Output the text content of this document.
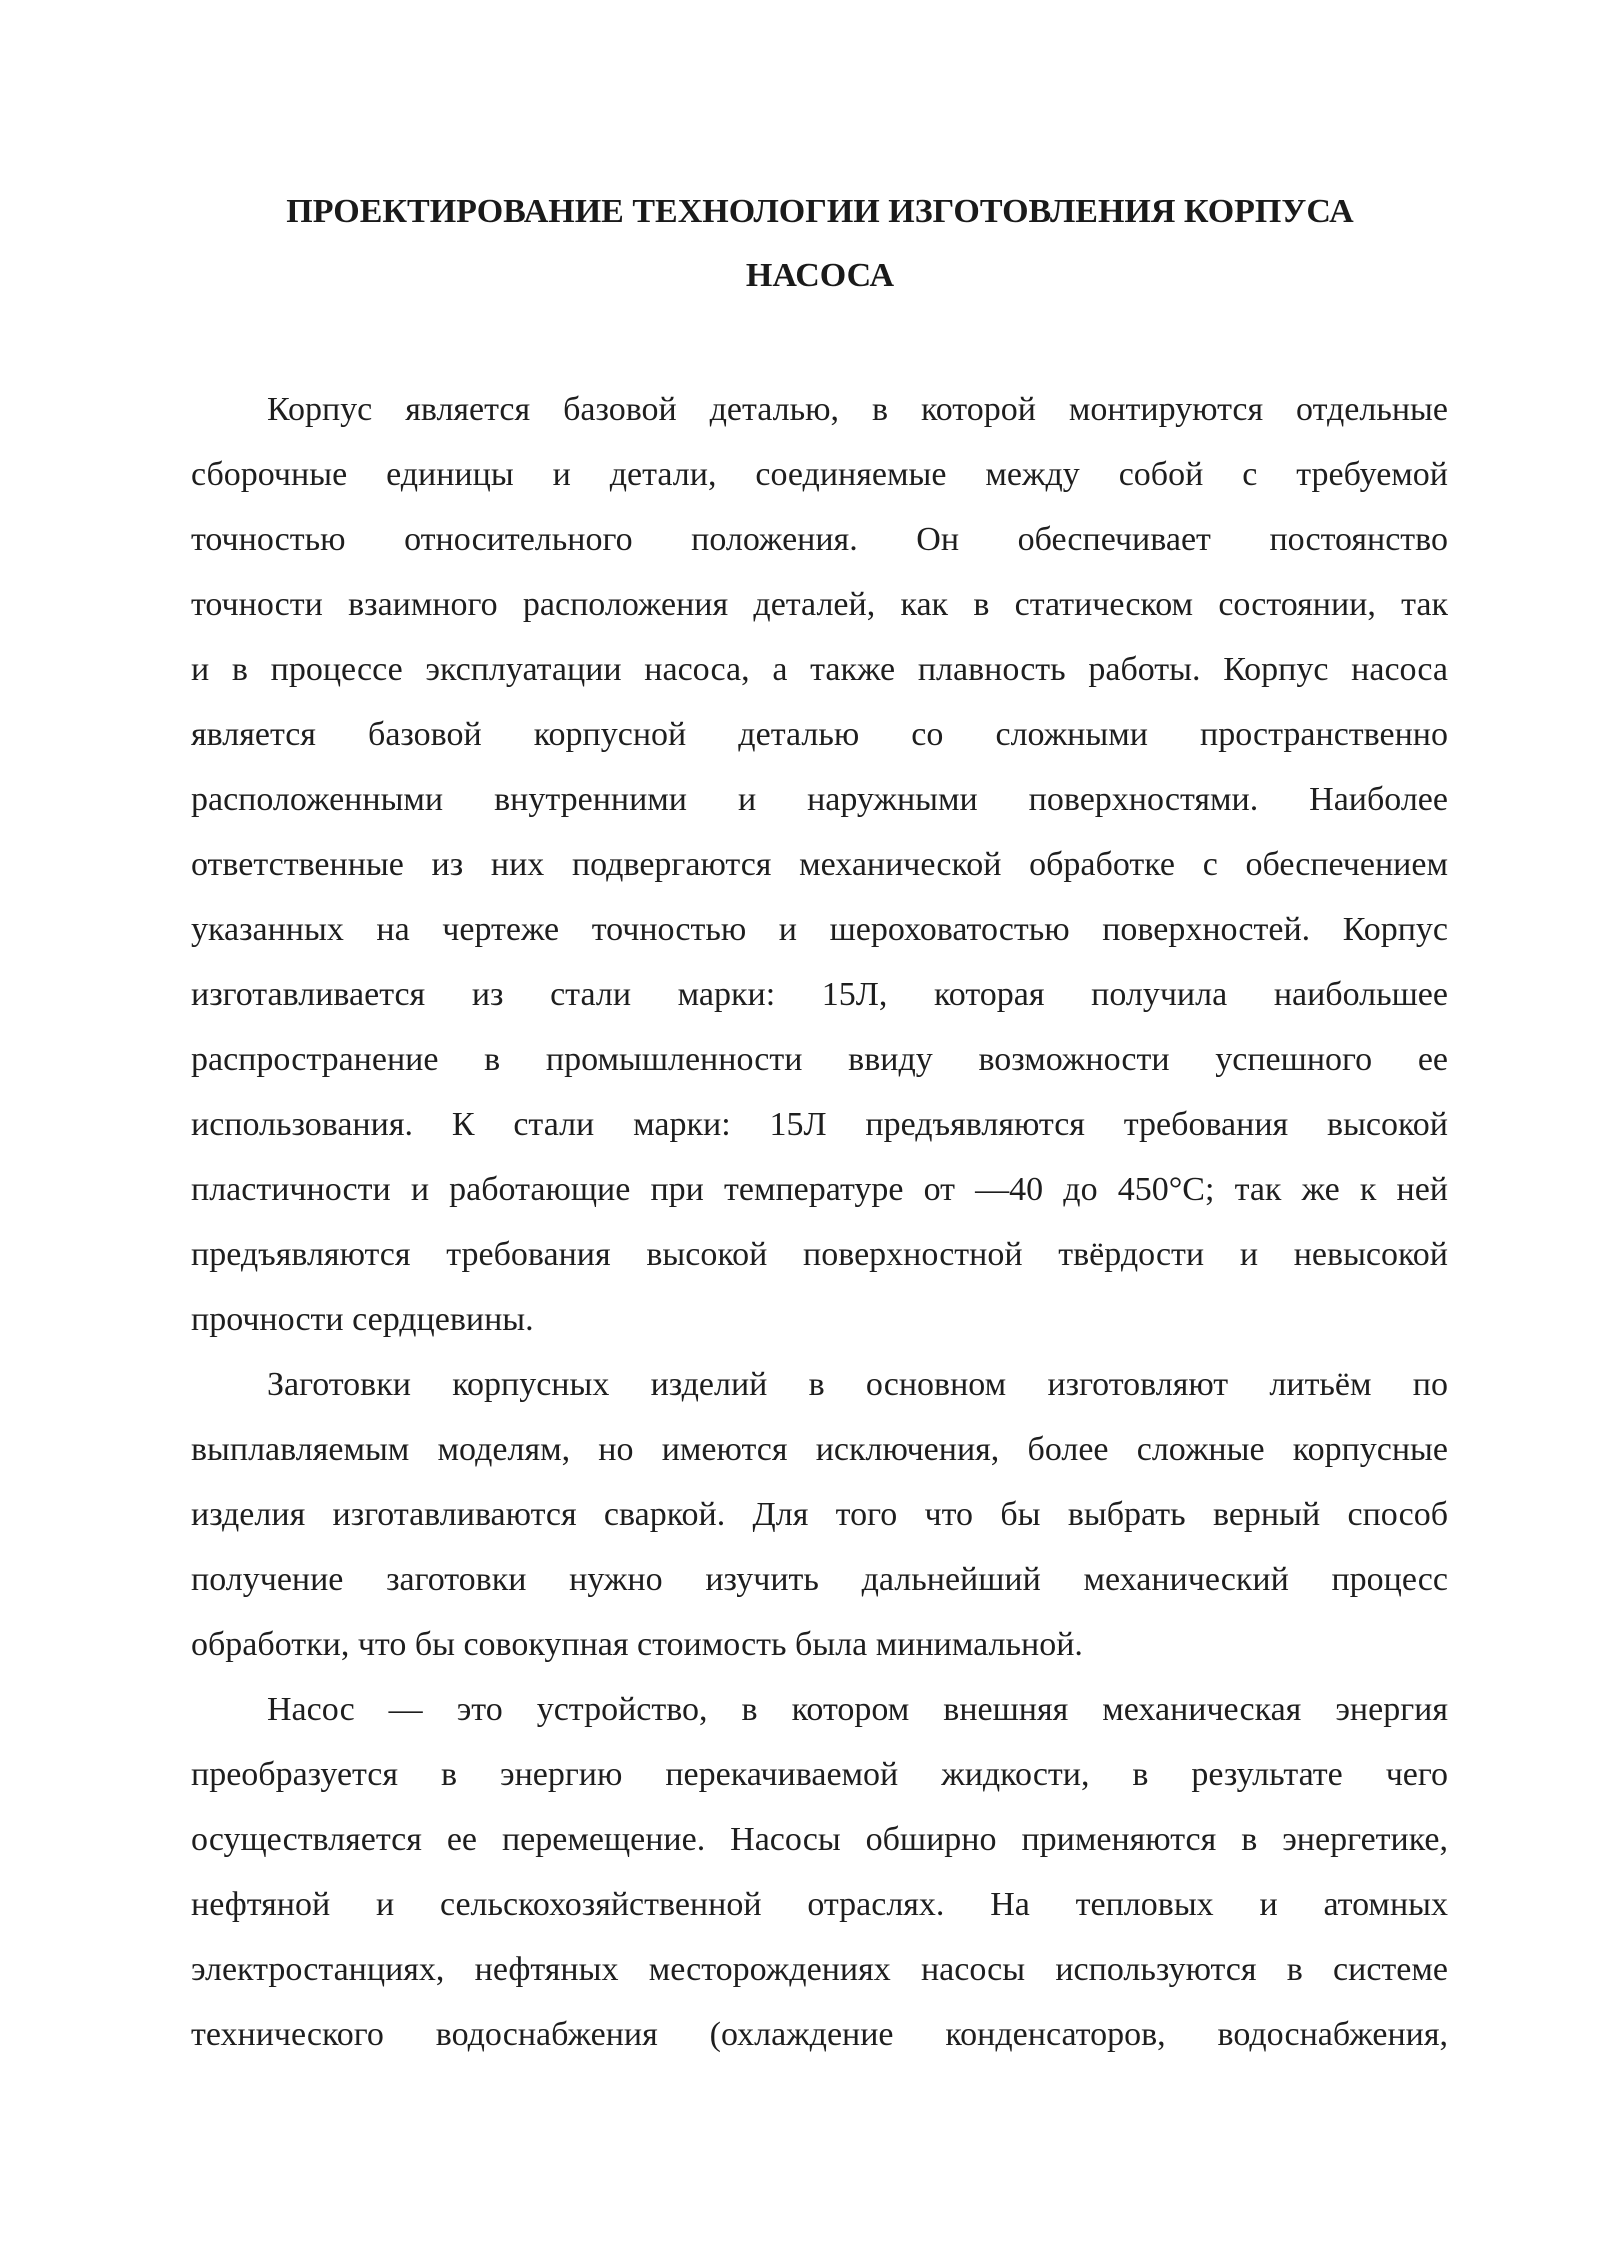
ПРОЕКТИРОВАНИЕ ТЕХНОЛОГИИ ИЗГОТОВЛЕНИЯ КОРПУСА
НАСОСА
Корпус является базовой деталью, в которой монтируются отдельные
сборочные единицы и детали, соединяемые между собой с требуемой
точностью относительного положения. Он обеспечивает постоянство
точности взаимного расположения деталей, как в статическом состоянии, так
и в процессе эксплуатации насоса, а также плавность работы. Корпус насоса
является базовой корпусной деталью со сложными пространственно
расположенными внутренними и наружными поверхностями. Наиболее
ответственные из них подвергаются механической обработке с обеспечением
указанных на чертеже точностью и шероховатостью поверхностей. Корпус
изготавливается из стали марки: 15Л, которая получила наибольшее
распространение в промышленности ввиду возможности успешного ее
использования. К стали марки: 15Л предъявляются требования высокой
пластичности и работающие при температуре от —40 до 450°С; так же к ней
предъявляются требования высокой поверхностной твёрдости и невысокой
прочности сердцевины.
Заготовки корпусных изделий в основном изготовляют литьём по
выплавляемым моделям, но имеются исключения, более сложные корпусные
изделия изготавливаются сваркой. Для того что бы выбрать верный способ
получение заготовки нужно изучить дальнейший механический процесс
обработки, что бы совокупная стоимость была минимальной.
Насос — это устройство, в котором внешняя механическая энергия
преобразуется в энергию перекачиваемой жидкости, в результате чего
осуществляется ее перемещение. Насосы обширно применяются в энергетике,
нефтяной и сельскохозяйственной отраслях. На тепловых и атомных
электростанциях, нефтяных месторождениях насосы используются в системе
технического водоснабжения (охлаждение конденсаторов, водоснабжения,
